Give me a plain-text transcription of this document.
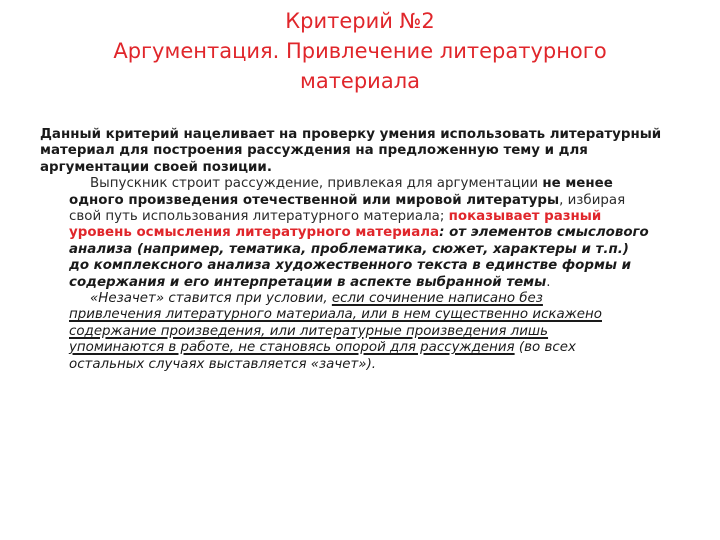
Критерий №2
Аргументация. Привлечение литературного
материала

Данный критерий нацеливает на проверку умения использовать литературный
материал для построения рассуждения на предложенную тему и для
аргументации своей позиции.

Выпускник строит рассуждение, привлекая для аргументации не менее
одного произведения отечественной или мировой литературы, избирая
свой путь использования литературного материала; показывает разный
уровень осмысления литературного материала: от элементов смыслового
анализа (например, тематика, проблематика, сюжет, характеры и т.п.)
до комплексного анализа художественного текста в единстве формы и
содержания и его интерпретации в аспекте выбранной темы.

«Незачет» ставится при условии, если сочинение написано без
привлечения литературного материала, или в нем существенно искажено
содержание произведения, или литературные произведения лишь
упоминаются в работе, не становясь опорой для рассуждения (во всех
остальных случаях выставляется «зачет»).
